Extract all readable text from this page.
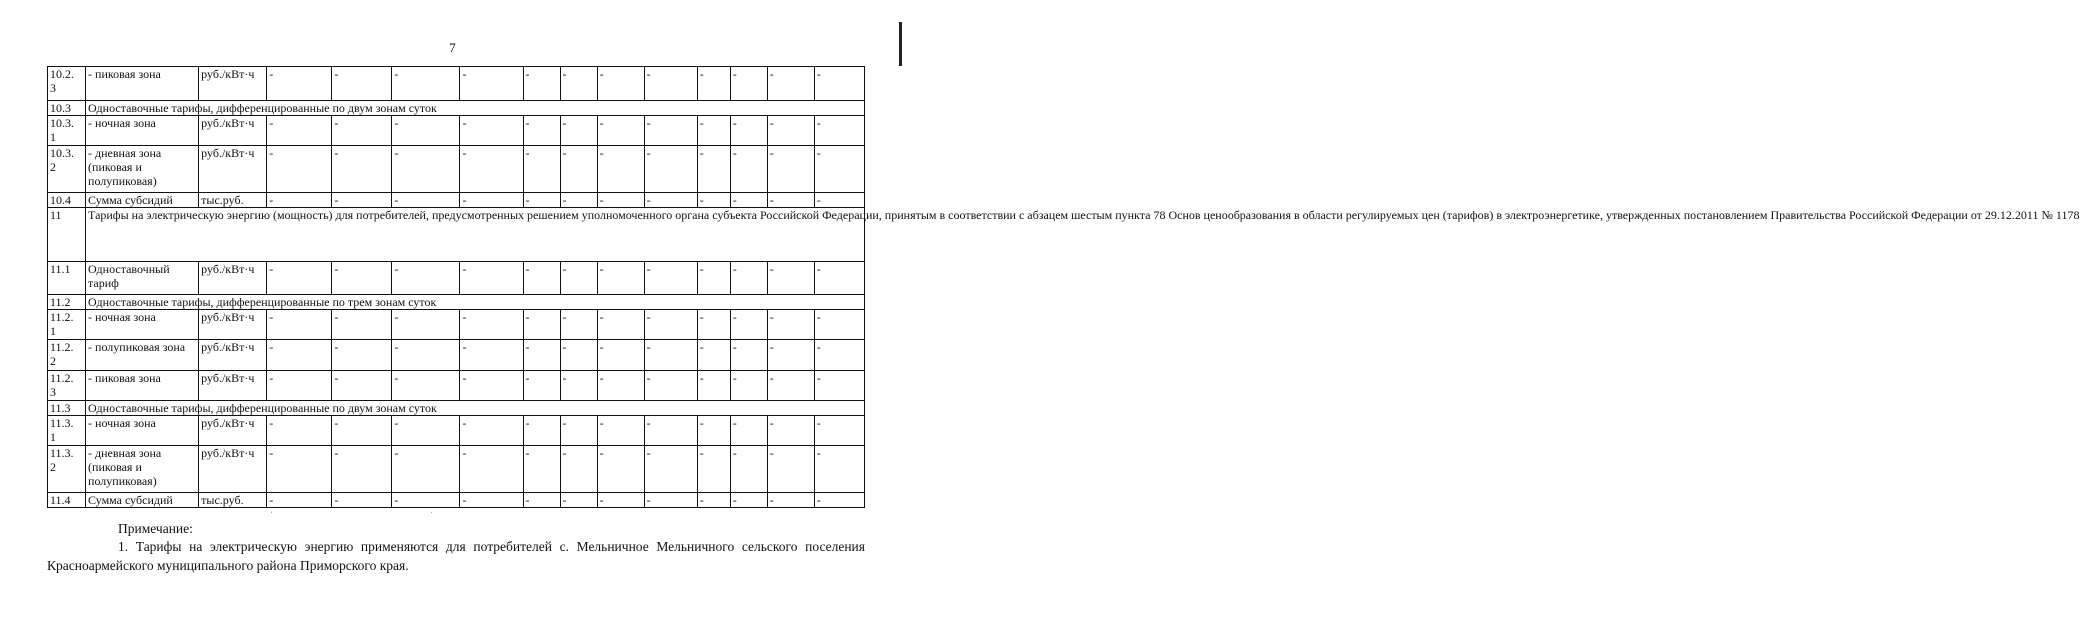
7
10.2.
3	- пиковая зона	руб./кВт·ч	-	-	-	-	-	-	-	-	-	-	-	-
10.3	Одноставочные тарифы, дифференцированные по двум зонам суток													
10.3.
1	- ночная зона	руб./кВт·ч	-	-	-	-	-	-	-	-	-	-	-	-
10.3.
2	- дневная зона (пиковая и полупиковая)	руб./кВт·ч	-	-	-	-	-	-	-	-	-	-	-	-
10.4	Сумма субсидий	тыс.руб.	-	-	-	-	-	-	-	-	-	-	-	-
11	Тарифы на электрическую энергию (мощность) для потребителей, предусмотренных решением уполномоченного органа субъекта Российской Федерации, принятым в соответствии с абзацем шестым пункта 78 Основ ценообразования в области регулируемых цен (тарифов) в электроэнергетике, утвержденных постановлением Правительства Российской Федерации от 29.12.2011 № 1178													
11.1	Одноставочный тариф	руб./кВт·ч	-	-	-	-	-	-	-	-	-	-	-	-
11.2	Одноставочные тарифы, дифференцированные по трем зонам суток													
11.2.
1	- ночная зона	руб./кВт·ч	-	-	-	-	-	-	-	-	-	-	-	-
11.2.
2	- полупиковая зона	руб./кВт·ч	-	-	-	-	-	-	-	-	-	-	-	-
11.2.
3	- пиковая зона	руб./кВт·ч	-	-	-	-	-	-	-	-	-	-	-	-
11.3	Одноставочные тарифы, дифференцированные по двум зонам суток													
11.3.
1	- ночная зона	руб./кВт·ч	-	-	-	-	-	-	-	-	-	-	-	-
11.3.
2	- дневная зона (пиковая и полупиковая)	руб./кВт·ч	-	-	-	-	-	-	-	-	-	-	-	-
11.4	Сумма субсидий	тыс.руб.	-	-	-	-	-	-	-	-	-	-	-	-
Примечание:
1. Тарифы на электрическую энергию применяются для потребителей с. Мельничное Мельничного сельского поселения Красноармейского муниципального района Приморского края.
·	·
